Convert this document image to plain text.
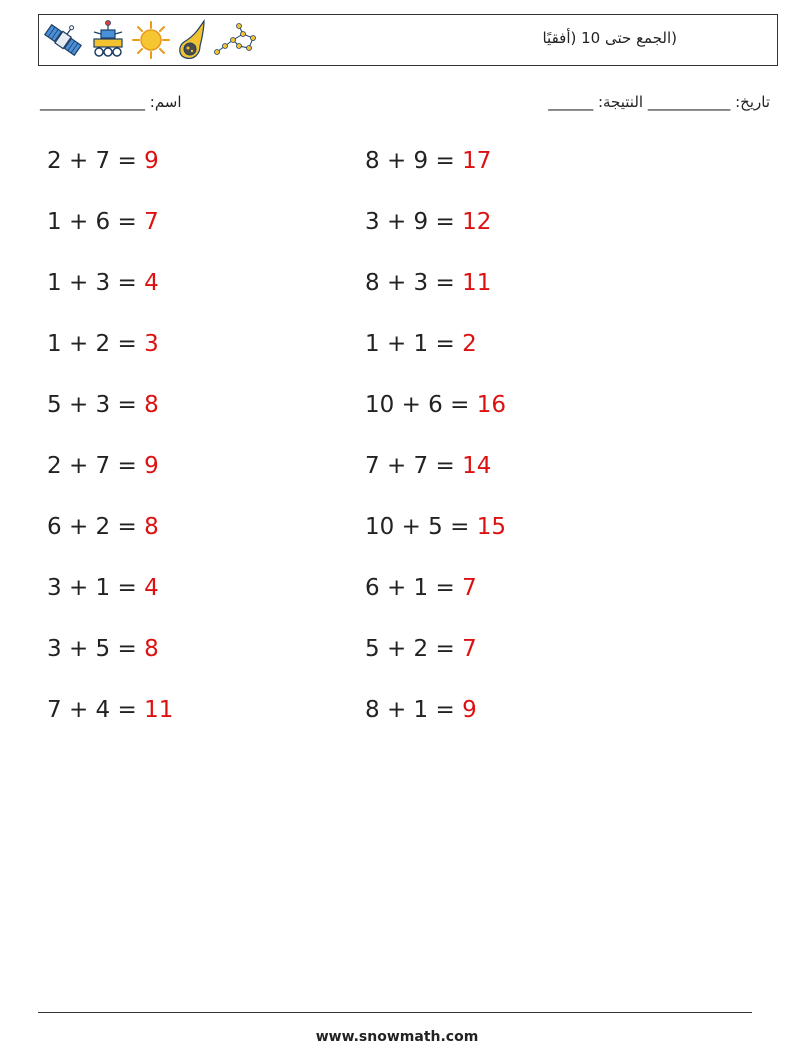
(الجمع حتى 10 (أفقيًا
______ :تاريخ: ___________ النتيجة
______________ :اسم
2 + 7 = 9	8 + 9 = 17
1 + 6 = 7	3 + 9 = 12
1 + 3 = 4	8 + 3 = 11
1 + 2 = 3	1 + 1 = 2
5 + 3 = 8	10 + 6 = 16
2 + 7 = 9	7 + 7 = 14
6 + 2 = 8	10 + 5 = 15
3 + 1 = 4	6 + 1 = 7
3 + 5 = 8	5 + 2 = 7
7 + 4 = 11	8 + 1 = 9
www.snowmath.com
